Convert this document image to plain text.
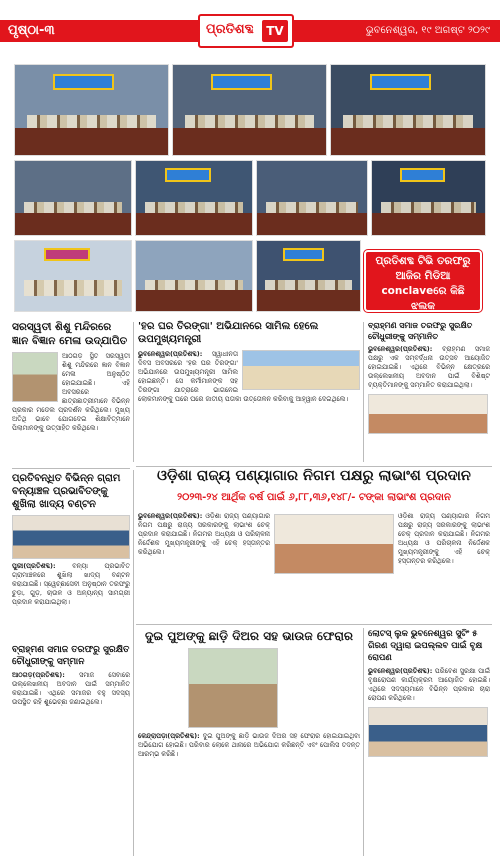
ପୃଷ୍ଠା-୩	ପ୍ରତିଶବ୍ଦ	TV	ଭୁବନେଶ୍ୱର, ୧୯ ଅଗଷ୍ଟ ୨୦୨୯
ପ୍ରତିଶବ୍ଦ ଟିଭି ତରଫରୁ
ଆଜିର ମିଡିଆ
conclaveରେ କିଛି
ଝଲକ
ସରସ୍ୱତୀ ଶିଶୁ ମନ୍ଦିରରେ ଜ୍ଞାନ ବିଜ୍ଞାନ ମେଳା ଉଦ୍‌ଯାପିତ
ଆଠଗଡ଼ ସ୍ଥିତ ସରସ୍ୱତୀ ଶିଶୁ ମନ୍ଦିରରେ ଜ୍ଞାନ ବିଜ୍ଞାନ ମେଳା ଅନୁଷ୍ଠିତ ହୋଇଯାଇଛି। ଏହି ଅବସରରେ ଛାତ୍ରଛାତ୍ରୀମାନେ ବିଭିନ୍ନ ପ୍ରକାର ମଡେଲ ପ୍ରଦର୍ଶନ କରିଥିଲେ। ମୁଖ୍ୟ ଅତିଥି ଭାବେ ଯୋଗଦେଇ ଶିକ୍ଷାବିତ୍‌ମାନେ ପିଲାମାନଙ୍କୁ ଉତ୍ସାହିତ କରିଥିଲେ।
'ହର ଘର ତିରଙ୍ଗା' ଅଭିଯାନରେ ସାମିଲ ହେଲେ ଉପମୁଖ୍ୟମନ୍ତ୍ରୀ
ଭୁବନେଶ୍ୱର(ପ୍ରତିଶବ୍ଦ): ସ୍ୱାଧୀନତା ଦିବସ ଅବସରରେ 'ହର ଘର ତିରଙ୍ଗା' ଅଭିଯାନରେ ଉପମୁଖ୍ୟମନ୍ତ୍ରୀ ସାମିଲ ହୋଇଛନ୍ତି। ସେ କର୍ମୀମାନଙ୍କ ସହ ତିରଙ୍ଗା ଯାତ୍ରାରେ ଭାଗନେଇ ଲୋକମାନଙ୍କୁ ଘରେ ଘରେ ଜାତୀୟ ପତାକା ଉତ୍ତୋଳନ କରିବାକୁ ଆହ୍ୱାନ ଦେଇଥିଲେ।
ବ୍ରାହ୍ମଣ ସମାଜ ତରଫରୁ ସୁରକ୍ଷିତ ଚୌଧୁରୀଙ୍କୁ ସମ୍ମାନିତ
ଭୁବନେଶ୍ୱର(ପ୍ରତିଶବ୍ଦ): ବ୍ରାହ୍ମଣ ସମାଜ ପକ୍ଷରୁ ଏକ ସମ୍ବର୍ଦ୍ଧନା ଉତ୍ସବ ଆୟୋଜିତ ହୋଇଯାଇଛି। ଏଥିରେ ବିଭିନ୍ନ କ୍ଷେତ୍ରରେ ଉଲ୍ଲେଖନୀୟ ଅବଦାନ ପାଇଁ ବିଶିଷ୍ଟ ବ୍ୟକ୍ତିମାନଙ୍କୁ ସମ୍ମାନିତ କରାଯାଇଥିଲା।
ପ୍ରତିବନ୍ଧିତ ବିଭିନ୍ନ ଗ୍ରାମ ବନ୍ୟାଞ୍ଚଳ ପ୍ରଭାବିତଙ୍କୁ ଶୁଖିଲା ଖାଦ୍ୟ ବଣ୍ଟନ
ପୁରୀ(ପ୍ରତିଶବ୍ଦ):	ବନ୍ୟା ପ୍ରଭାବିତ ଗ୍ରାମାଞ୍ଚଳରେ ଶୁଖିଲା ଖାଦ୍ୟ ବଣ୍ଟନ କରାଯାଇଛି। ସ୍ୱେଚ୍ଛାସେବୀ ଅନୁଷ୍ଠାନ ତରଫରୁ ଚୁଡ଼ା, ଗୁଡ଼, ଚାଉଳ ଓ ଅନ୍ୟାନ୍ୟ ସାମଗ୍ରୀ ପ୍ରଦାନ କରାଯାଇଥିଲା।
ବ୍ରାହ୍ମଣ ସମାଜ ତରଫରୁ ସୁରକ୍ଷିତ ଚୌଧୁରୀଙ୍କୁ ସମ୍ମାନ
ଆଠଗଡ଼(ପ୍ରତିଶବ୍ଦ): ସମାଜ ସେବାରେ ଉଲ୍ଲେଖନୀୟ ଅବଦାନ ପାଇଁ ସମ୍ମାନିତ କରାଯାଇଛି। ଏଥିରେ ସମାଜର ବହୁ ସଦସ୍ୟ ଉପସ୍ଥିତ ରହି ଶୁଭେଚ୍ଛା ଜଣାଇଥିଲେ।
ଓଡ଼ିଶା ରାଜ୍ୟ ପଣ୍ୟାଗାର ନିଗମ ପକ୍ଷରୁ ଲାଭାଂଶ ପ୍ରଦାନ
୨୦୨୩-୨୪ ଆର୍ଥିକ ବର୍ଷ ପାଇଁ ୬,୮୮,୩୬,୧୪୮/- ଟଙ୍କା ଲାଭାଂଶ ପ୍ରଦାନ
ଭୁବନେଶ୍ୱର(ପ୍ରତିଶବ୍ଦ): ଓଡ଼ିଶା ରାଜ୍ୟ ପଣ୍ୟାଗାର ନିଗମ ପକ୍ଷରୁ ରାଜ୍ୟ ସରକାରଙ୍କୁ ଲାଭାଂଶ ଚେକ୍ ପ୍ରଦାନ କରାଯାଇଛି। ନିଗମର ଅଧ୍ୟକ୍ଷ ଓ ପରିଚାଳନା ନିର୍ଦ୍ଦେଶକ ମୁଖ୍ୟମନ୍ତ୍ରୀଙ୍କୁ ଏହି ଚେକ୍ ହସ୍ତାନ୍ତର କରିଥିଲେ।
ଓଡ଼ିଶା ରାଜ୍ୟ ପଣ୍ୟାଗାର ନିଗମ ପକ୍ଷରୁ ରାଜ୍ୟ ସରକାରଙ୍କୁ ଲାଭାଂଶ ଚେକ୍ ପ୍ରଦାନ କରାଯାଇଛି। ନିଗମର ଅଧ୍ୟକ୍ଷ ଓ ପରିଚାଳନା ନିର୍ଦ୍ଦେଶକ ମୁଖ୍ୟମନ୍ତ୍ରୀଙ୍କୁ ଏହି ଚେକ୍ ହସ୍ତାନ୍ତର କରିଥିଲେ।
ଦୁଇ ପୁଅଙ୍କୁ ଛାଡ଼ି ଦିଅର ସହ ଭାଉଜ ଫେରାର
କେନ୍ଦ୍ରାପଡ଼ା(ପ୍ରତିଶବ୍ଦ): ଦୁଇ ପୁଅଙ୍କୁ ଛାଡ଼ି ଭାଉଜ ଦିଅର ସହ ଫେରାର ହୋଇଯାଇଥିବା ଅଭିଯୋଗ ହୋଇଛି। ପରିବାର ଲୋକେ ଥାନାରେ ଅଭିଯୋଗ କରିଛନ୍ତି ଏବଂ ପୋଲିସ ତଦନ୍ତ ଆରମ୍ଭ କରିଛି।
ଲୋଟସ୍ ଲୁକ ଭୁବନେଶ୍ୱର ସୁଟିଂ ୫ ଗିରଣ ଦ୍ୱାରା ଇପଲ୍ଲବ ପାଇଁ ବୃକ୍ଷ ରୋପଣ
ଭୁବନେଶ୍ୱର(ପ୍ରତିଶବ୍ଦ): ପରିବେଶ ସୁରକ୍ଷା ପାଇଁ ବୃକ୍ଷରୋପଣ କାର୍ଯ୍ୟକ୍ରମ ଆୟୋଜିତ ହୋଇଛି। ଏଥିରେ ସଦସ୍ୟମାନେ ବିଭିନ୍ନ ପ୍ରକାର ଚାରା ରୋପଣ କରିଥିଲେ।
